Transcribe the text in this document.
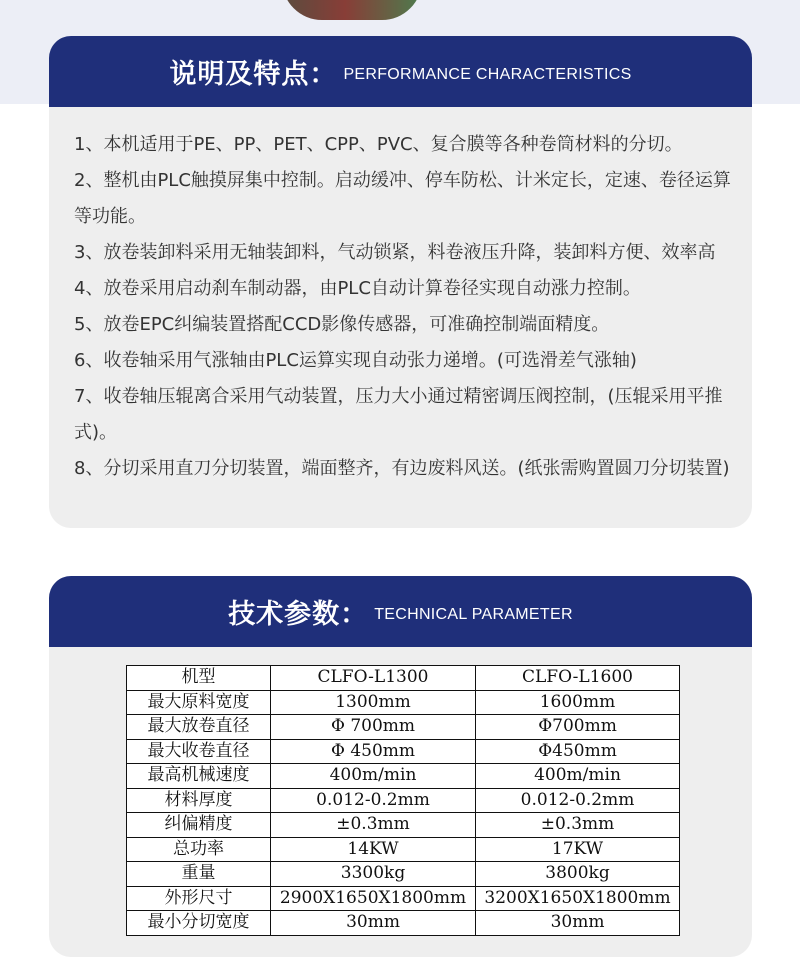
说明及特点： PERFORMANCE CHARACTERISTICS

1、本机适用于PE、PP、PET、CPP、PVC、复合膜等各种卷筒材料的分切。

2、整机由PLC触摸屏集中控制。启动缓冲、停车防松、计米定长，定速、卷径运算等功能。

3、放卷装卸料采用无轴装卸料，气动锁紧，料卷液压升降，装卸料方便、效率高

4、放卷采用启动刹车制动器，由PLC自动计算卷径实现自动涨力控制。

5、放卷EPC纠编装置搭配CCD影像传感器，可准确控制端面精度。

6、收卷轴采用气涨轴由PLC运算实现自动张力递增。(可选滑差气涨轴)

7、收卷轴压辊离合采用气动装置，压力大小通过精密调压阀控制，(压辊采用平推式)。

8、分切采用直刀分切装置，端面整齐，有边废料风送。(纸张需购置圆刀分切装置)

技术参数： TECHNICAL PARAMETER
机型	CLFO-L1300	CLFO-L1600
最大原料宽度	1300mm	1600mm
最大放卷直径	Φ 700mm	Φ700mm
最大收卷直径	Φ 450mm	Φ450mm
最高机械速度	400m/min	400m/min
材料厚度	0.012-0.2mm	0.012-0.2mm
纠偏精度	±0.3mm	±0.3mm
总功率	14KW	17KW
重量	3300kg	3800kg
外形尺寸	2900X1650X1800mm	3200X1650X1800mm
最小分切宽度	30mm	30mm
